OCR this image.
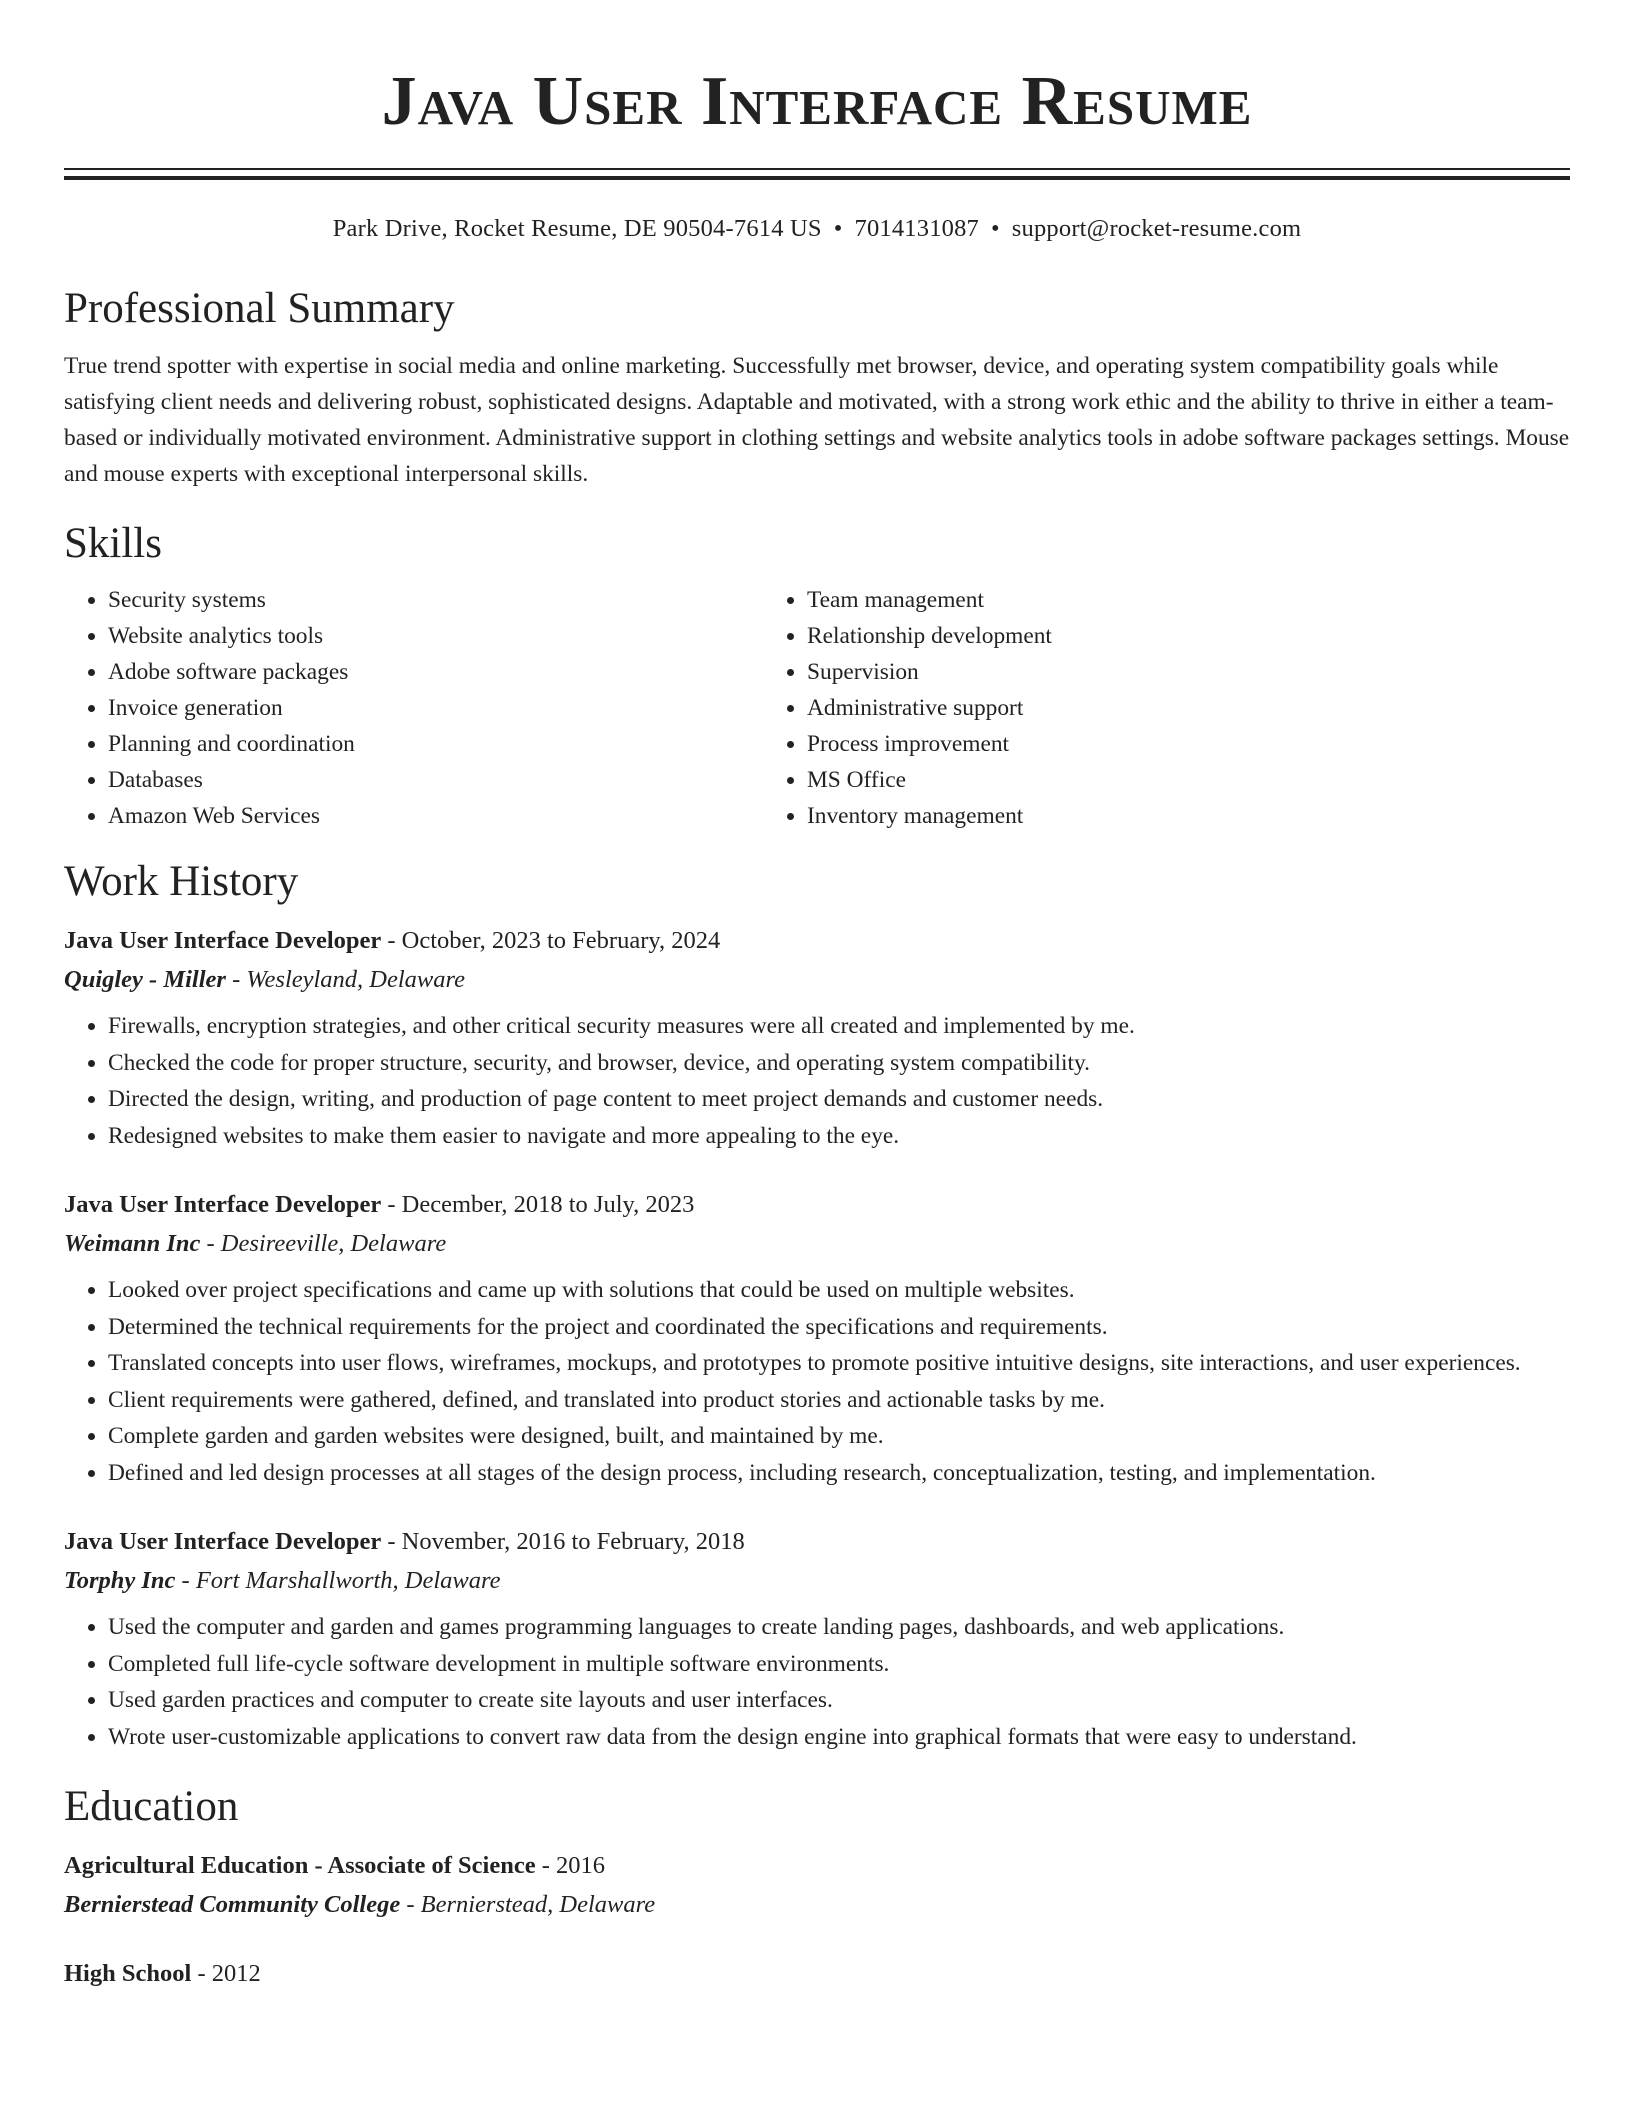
Java User Interface Resume
Park Drive, Rocket Resume, DE 90504-7614 US • 7014131087 • support@rocket-resume.com
Professional Summary

True trend spotter with expertise in social media and online marketing. Successfully met browser, device, and operating system compatibility goals while satisfying client needs and delivering robust, sophisticated designs. Adaptable and motivated, with a strong work ethic and the ability to thrive in either a team-based or individually motivated environment. Administrative support in clothing settings and website analytics tools in adobe software packages settings. Mouse and mouse experts with exceptional interpersonal skills.

Skills
• Security systems
• Website analytics tools
• Adobe software packages
• Invoice generation
• Planning and coordination
• Databases
• Amazon Web Services
• Team management
• Relationship development
• Supervision
• Administrative support
• Process improvement
• MS Office
• Inventory management
Work History
Java User Interface Developer - October, 2023 to February, 2024
Quigley - Miller - Wesleyland, Delaware
• Firewalls, encryption strategies, and other critical security measures were all created and implemented by me.
• Checked the code for proper structure, security, and browser, device, and operating system compatibility.
• Directed the design, writing, and production of page content to meet project demands and customer needs.
• Redesigned websites to make them easier to navigate and more appealing to the eye.
Java User Interface Developer - December, 2018 to July, 2023
Weimann Inc - Desireeville, Delaware
• Looked over project specifications and came up with solutions that could be used on multiple websites.
• Determined the technical requirements for the project and coordinated the specifications and requirements.
• Translated concepts into user flows, wireframes, mockups, and prototypes to promote positive intuitive designs, site interactions, and user experiences.
• Client requirements were gathered, defined, and translated into product stories and actionable tasks by me.
• Complete garden and garden websites were designed, built, and maintained by me.
• Defined and led design processes at all stages of the design process, including research, conceptualization, testing, and implementation.
Java User Interface Developer - November, 2016 to February, 2018
Torphy Inc - Fort Marshallworth, Delaware
• Used the computer and garden and games programming languages to create landing pages, dashboards, and web applications.
• Completed full life-cycle software development in multiple software environments.
• Used garden practices and computer to create site layouts and user interfaces.
• Wrote user-customizable applications to convert raw data from the design engine into graphical formats that were easy to understand.
Education
Agricultural Education - Associate of Science - 2016
Bernierstead Community College - Bernierstead, Delaware
High School - 2012
